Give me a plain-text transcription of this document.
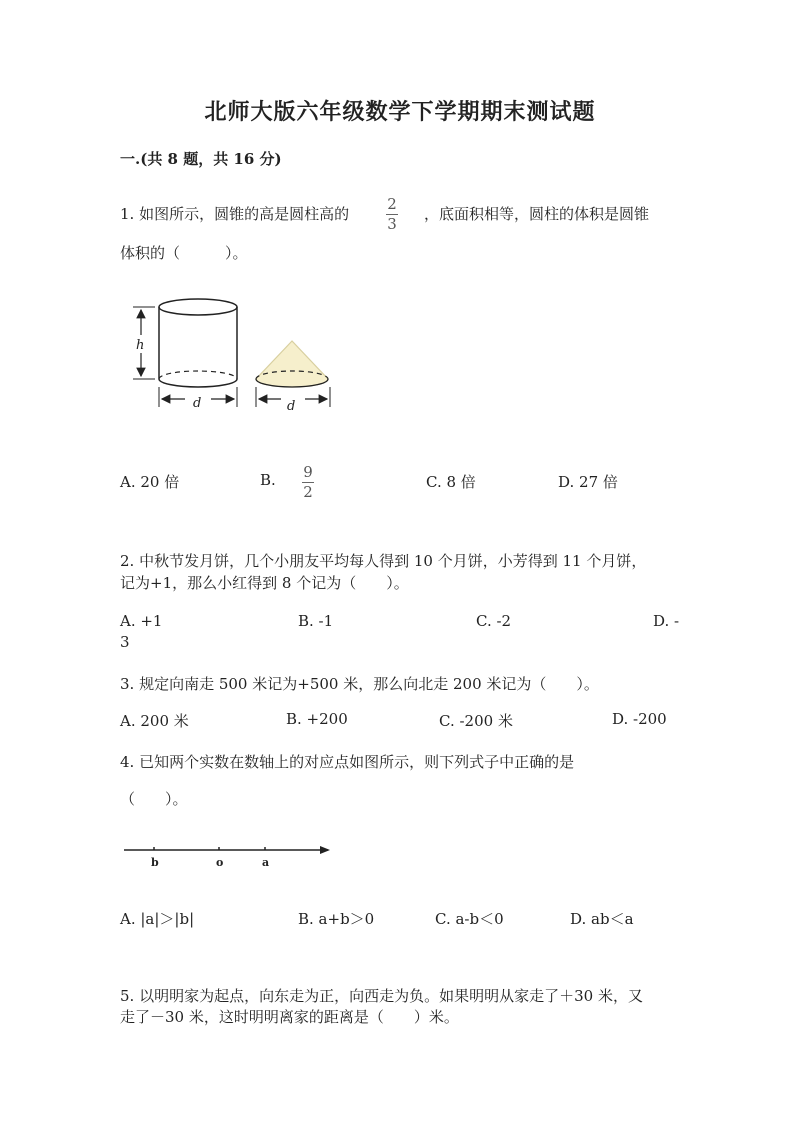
北师大版六年级数学下学期期末测试题
一.(共 8 题，共 16 分)
1. 如图所示，圆锥的高是圆柱高的
2
3
，底面积相等，圆柱的体积是圆锥
体积的（　　　）。
h
d	d
A. 20 倍	B. 9
2
C. 8 倍	D. 27 倍
2. 中秋节发月饼，几个小朋友平均每人得到 10 个月饼，小芳得到 11 个月饼，
记为+1，那么小红得到 8 个记为（　　）。
A. +1	B. -1	C. -2	D. -
3
3. 规定向南走 500 米记为+500 米，那么向北走 200 米记为（　　）。
A. 200 米	B. +200	C. -200 米	D. -200
4. 已知两个实数在数轴上的对应点如图所示，则下列式子中正确的是
（　　）。
b	o	a
A. |a|＞|b|	B. a+b＞0	C. a-b＜0	D. ab＜a
5. 以明明家为起点，向东走为正，向西走为负。如果明明从家走了＋30 米，又
走了－30 米，这时明明离家的距离是（　　）米。
